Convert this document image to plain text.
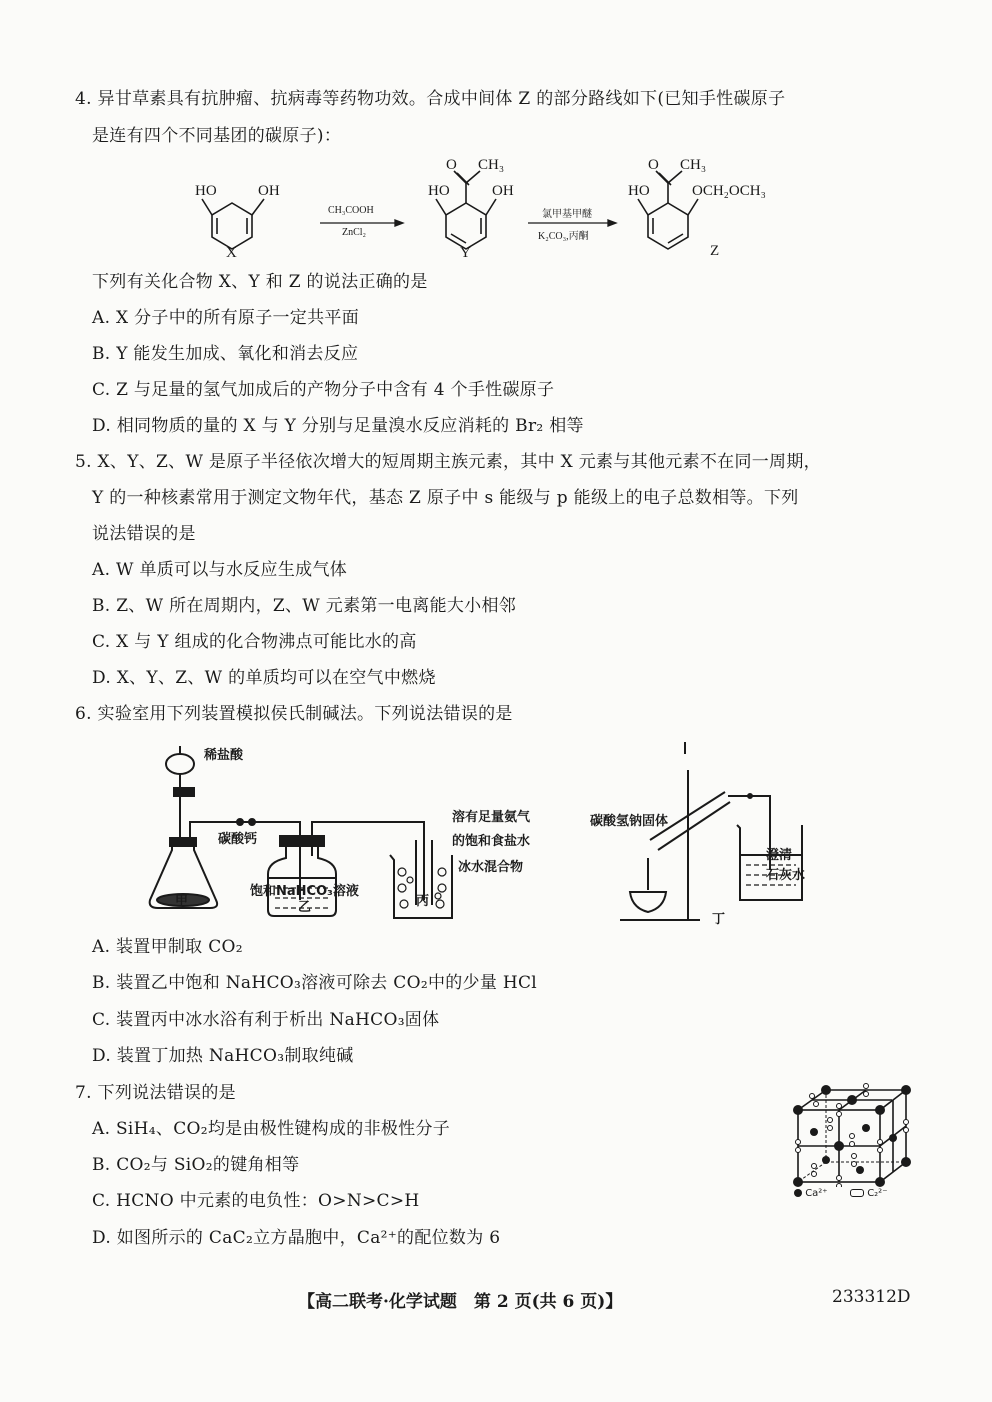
4. 异甘草素具有抗肿瘤、抗病毒等药物功效。合成中间体 Z 的部分路线如下(已知手性碳原子
是连有四个不同基团的碳原子)：
HO	OH
X
CH₃COOH
ZnCl₂
HO	OH
O CH₃
Y
氯甲基甲醚
K₂CO₃,丙酮
HO	OCH₂OCH₃
O CH₃
Z
下列有关化合物 X、Y 和 Z 的说法正确的是
A. X 分子中的所有原子一定共平面
B. Y 能发生加成、氧化和消去反应
C. Z 与足量的氢气加成后的产物分子中含有 4 个手性碳原子
D. 相同物质的量的 X 与 Y 分别与足量溴水反应消耗的 Br₂ 相等
5. X、Y、Z、W 是原子半径依次增大的短周期主族元素，其中 X 元素与其他元素不在同一周期，
Y 的一种核素常用于测定文物年代，基态 Z 原子中 s 能级与 p 能级上的电子总数相等。下列
说法错误的是
A. W 单质可以与水反应生成气体
B. Z、W 所在周期内，Z、W 元素第一电离能大小相邻
C. X 与 Y 组成的化合物沸点可能比水的高
D. X、Y、Z、W 的单质均可以在空气中燃烧
6. 实验室用下列装置模拟侯氏制碱法。下列说法错误的是
稀盐酸
碳酸钙
饱和NaHCO₃溶液
溶有足量氨气
的饱和食盐水
冰水混合物
碳酸氢钠固体
澄清
石灰水
甲	乙	丙
丁
A. 装置甲制取 CO₂
B. 装置乙中饱和 NaHCO₃溶液可除去 CO₂中的少量 HCl
C. 装置丙中冰水浴有利于析出 NaHCO₃固体
D. 装置丁加热 NaHCO₃制取纯碱
7. 下列说法错误的是
A. SiH₄、CO₂均是由极性键构成的非极性分子
B. CO₂与 SiO₂的键角相等
C. HCNO 中元素的电负性：O>N>C>H
D. 如图所示的 CaC₂立方晶胞中，Ca²⁺的配位数为 6
Ca²⁺	C₂²⁻
【高二联考·化学试题　第 2 页(共 6 页)】	233312D
